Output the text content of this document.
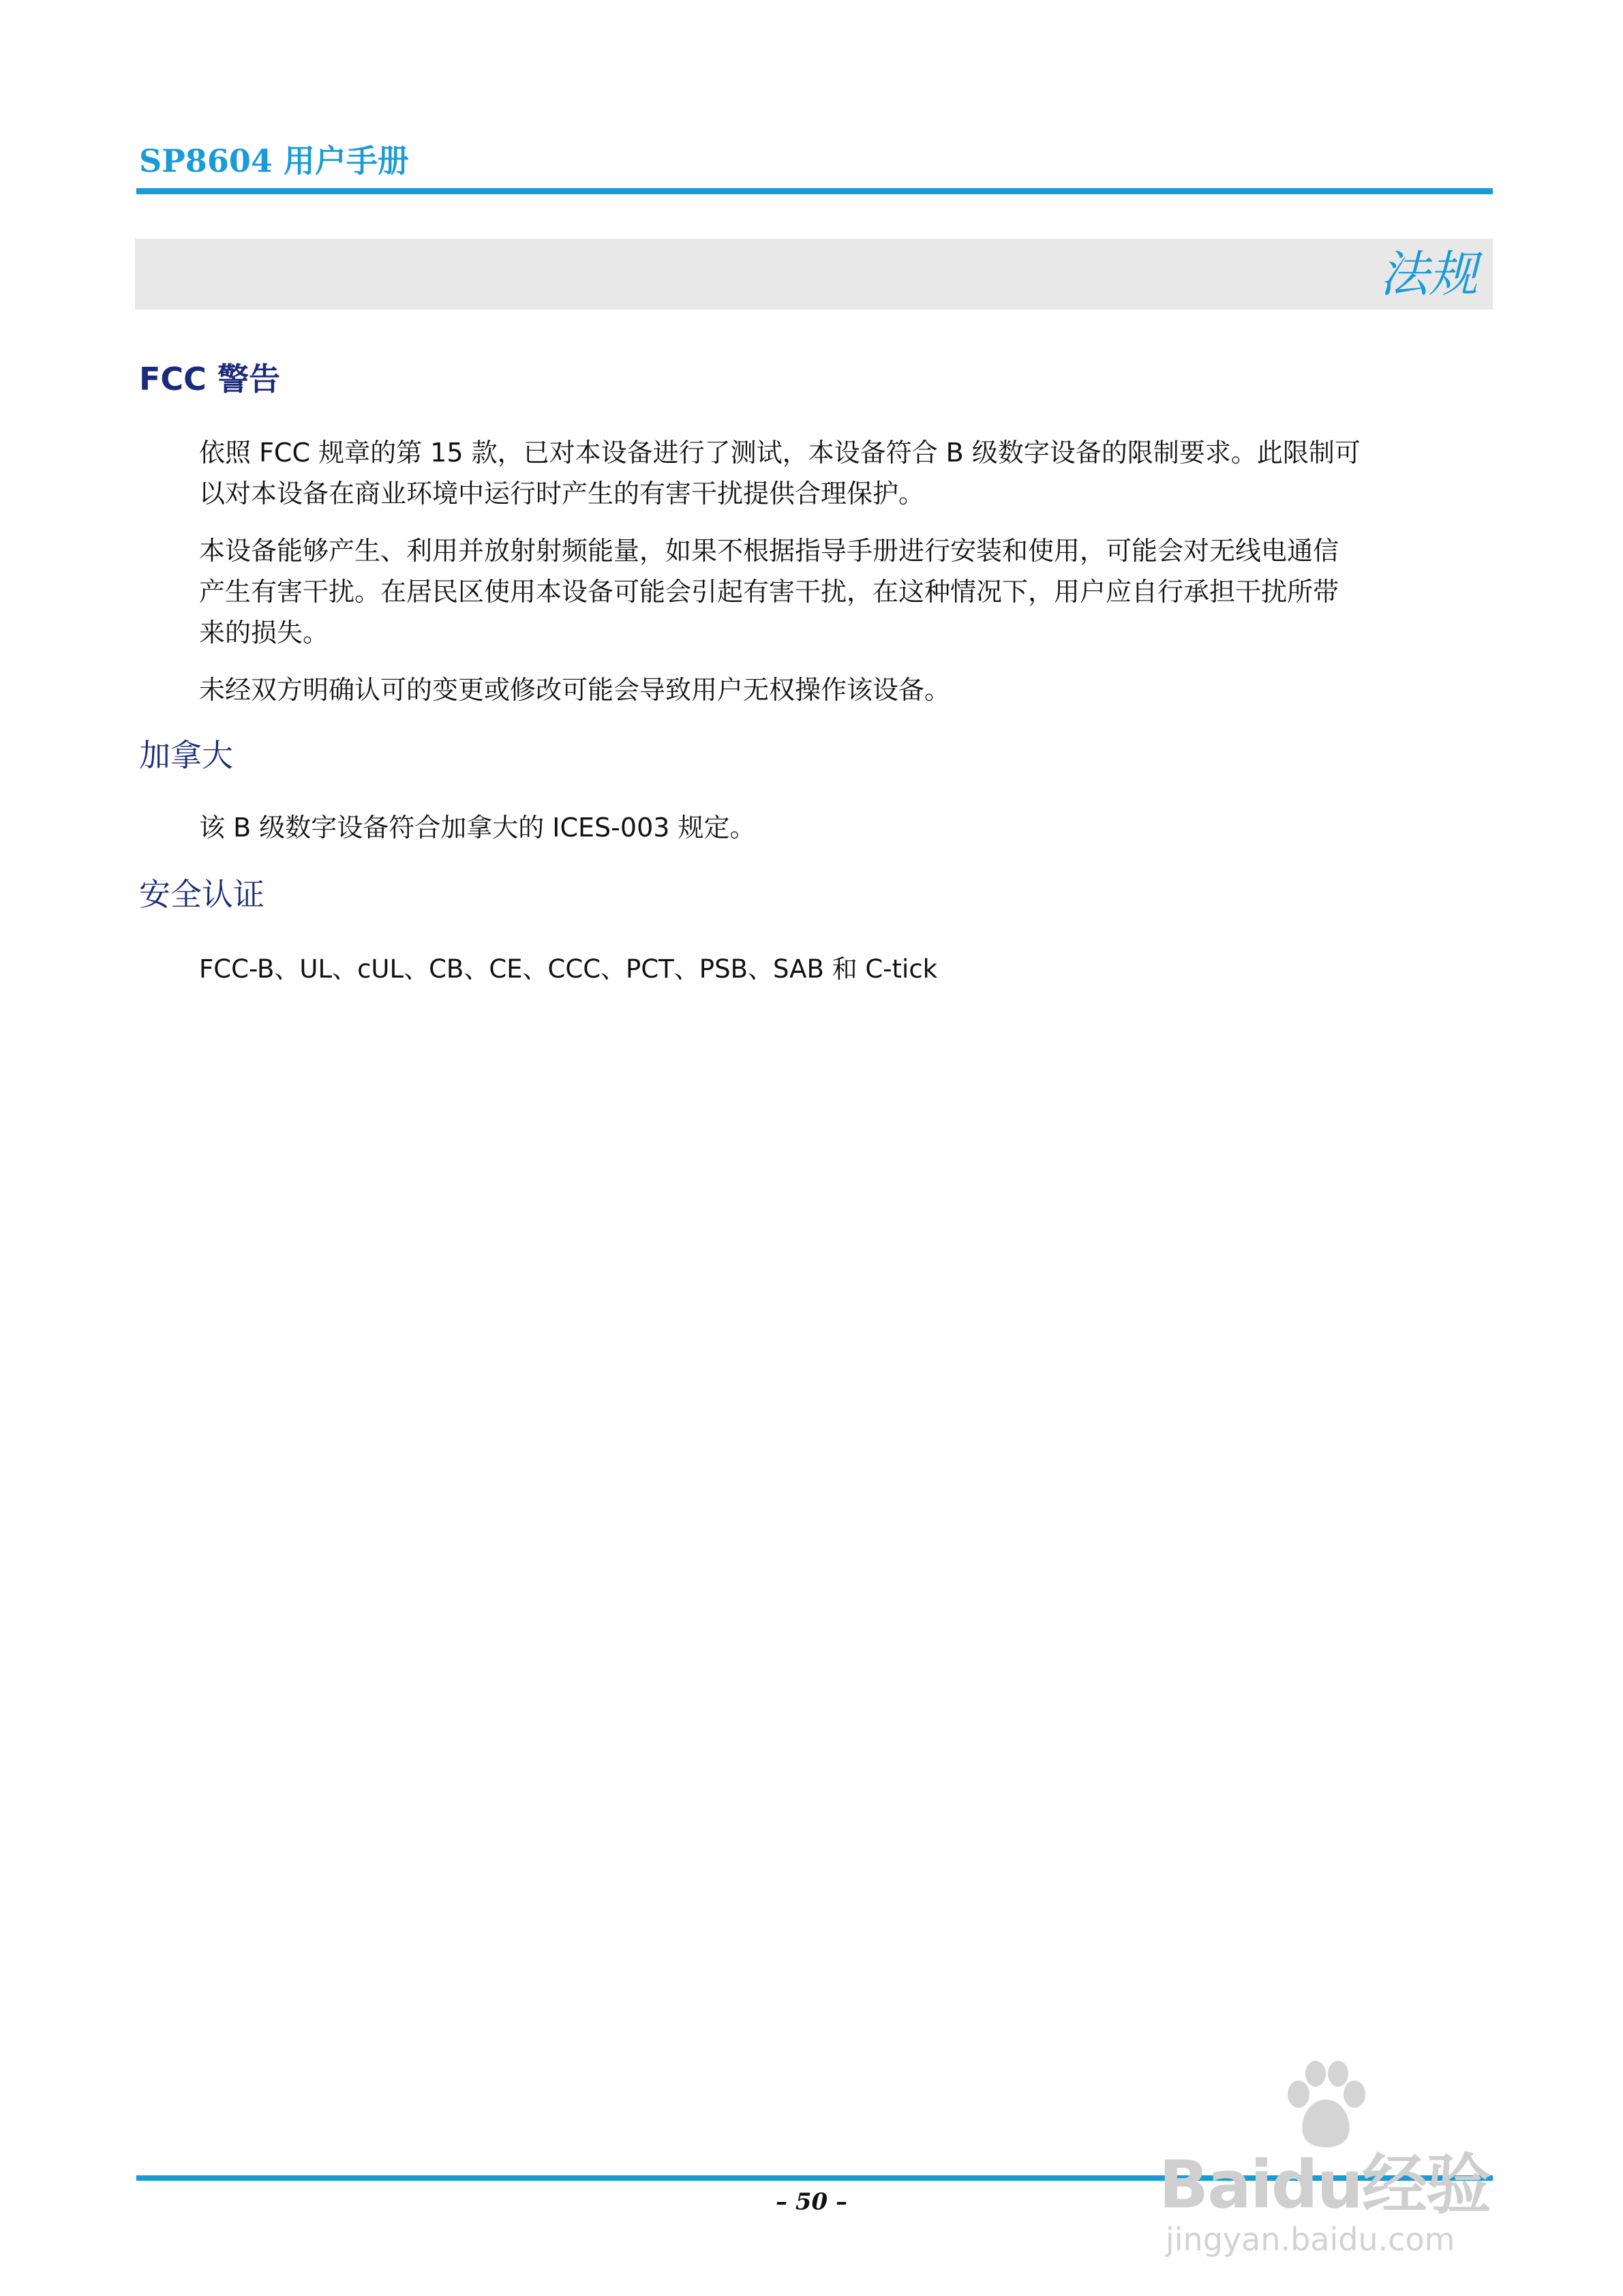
SP8604 用户手册
法规
FCC 警告
依照 FCC 规章的第 15 款，已对本设备进行了测试，本设备符合 B 级数字设备的限制要求。此限制可
以对本设备在商业环境中运行时产生的有害干扰提供合理保护。
本设备能够产生、利用并放射射频能量，如果不根据指导手册进行安装和使用，可能会对无线电通信
产生有害干扰。在居民区使用本设备可能会引起有害干扰，在这种情况下，用户应自行承担干扰所带
来的损失。
未经双方明确认可的变更或修改可能会导致用户无权操作该设备。
加拿大
该 B 级数字设备符合加拿大的 ICES-003 规定。
安全认证
FCC-B、UL、cUL、CB、CE、CCC、PCT、PSB、SAB 和 C-tick
– 50 –	Baidu经验
jingyan.baidu.com
